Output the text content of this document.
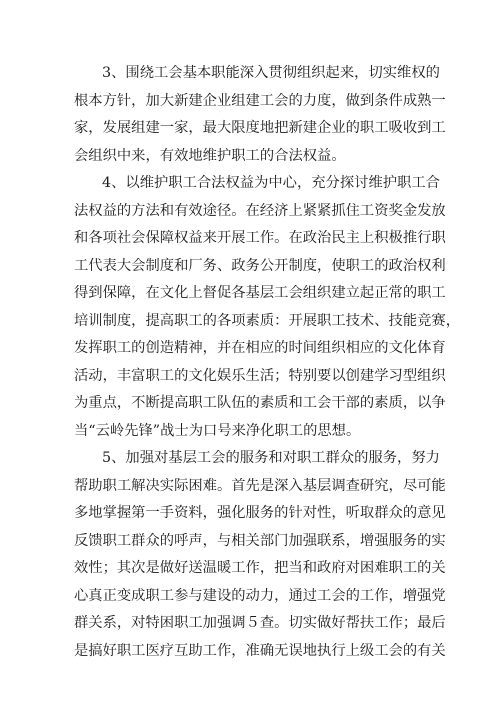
3、围绕工会基本职能深入贯彻组织起来，切实维权的
根本方针，加大新建企业组建工会的力度，做到条件成熟一
家，发展组建一家，最大限度地把新建企业的职工吸收到工
会组织中来，有效地维护职工的合法权益。
4、以维护职工合法权益为中心，充分探讨维护职工合
法权益的方法和有效途径。在经济上紧紧抓住工资奖金发放
和各项社会保障权益来开展工作。在政治民主上积极推行职
工代表大会制度和厂务、政务公开制度，使职工的政治权利
得到保障，在文化上督促各基层工会组织建立起正常的职工
培训制度，提高职工的各项素质：开展职工技术、技能竞赛，
发挥职工的创造精神，并在相应的时间组织相应的文化体育
活动，丰富职工的文化娱乐生活；特别要以创建学习型组织
为重点，不断提高职工队伍的素质和工会干部的素质，以争
当“云岭先锋”战士为口号来净化职工的思想。
5、加强对基层工会的服务和对职工群众的服务，努力
帮助职工解决实际困难。首先是深入基层调查研究，尽可能
多地掌握第一手资料，强化服务的针对性，听取群众的意见
反馈职工群众的呼声，与相关部门加强联系，增强服务的实
效性；其次是做好送温暖工作，把当和政府对困难职工的关
心真正变成职工参与建设的动力，通过工会的工作，增强党
群关系，对特困职工加强调５查。切实做好帮扶工作；最后
是搞好职工医疗互助工作，准确无误地执行上级工会的有关
